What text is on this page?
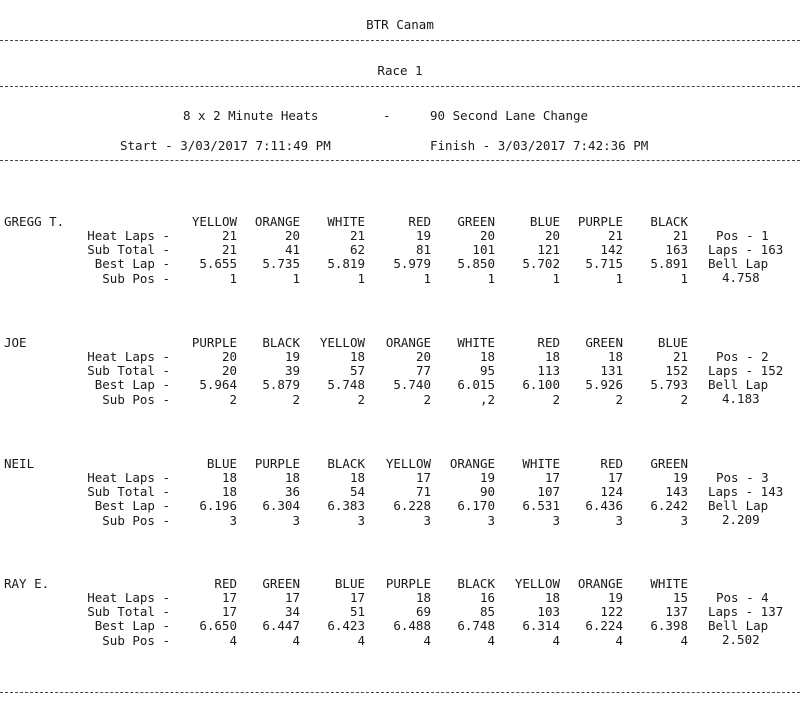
BTR Canam
Race 1
8 x 2 Minute Heats	-	90 Second Lane Change
Start - 3/03/2017 7:11:49 PM	Finish - 3/03/2017 7:42:36 PM
GREGG T.	YELLOW	ORANGE	WHITE	RED	GREEN	BLUE	PURPLE	BLACK
Heat Laps -	21	20	21	19	20	20	21	21
Sub Total -	21	41	62	81	101	121	142	163
Best Lap -	5.655	5.735	5.819	5.979	5.850	5.702	5.715	5.891
Sub Pos -	1	1	1	1	1	1	1	1
Pos - 1
Laps - 163
Bell Lap
4.758
JOE	PURPLE	BLACK	YELLOW	ORANGE	WHITE	RED	GREEN	BLUE
Heat Laps -	20	19	18	20	18	18	18	21
Sub Total -	20	39	57	77	95	113	131	152
Best Lap -	5.964	5.879	5.748	5.740	6.015	6.100	5.926	5.793
Sub Pos -	2	2	2	2	,2	2	2	2
Pos - 2
Laps - 152
Bell Lap
4.183
NEIL	BLUE	PURPLE	BLACK	YELLOW	ORANGE	WHITE	RED	GREEN
Heat Laps -	18	18	18	17	19	17	17	19
Sub Total -	18	36	54	71	90	107	124	143
Best Lap -	6.196	6.304	6.383	6.228	6.170	6.531	6.436	6.242
Sub Pos -	3	3	3	3	3	3	3	3
Pos - 3
Laps - 143
Bell Lap
2.209
RAY E.	RED	GREEN	BLUE	PURPLE	BLACK	YELLOW	ORANGE	WHITE
Heat Laps -	17	17	17	18	16	18	19	15
Sub Total -	17	34	51	69	85	103	122	137
Best Lap -	6.650	6.447	6.423	6.488	6.748	6.314	6.224	6.398
Sub Pos -	4	4	4	4	4	4	4	4
Pos - 4
Laps - 137
Bell Lap
2.502
